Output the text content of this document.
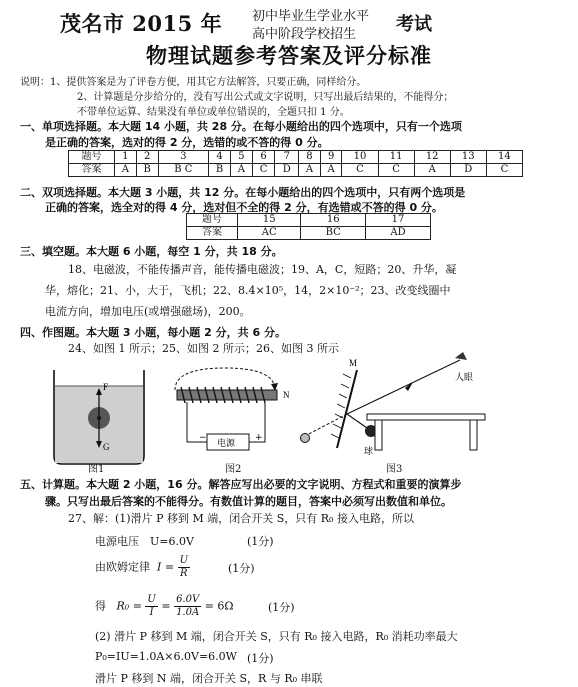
茂名市 2015 年 初中毕业生学业水平
高中阶段学校招生 考试
物理试题参考答案及评分标准
说明：1、提供答案是为了评卷方便，用其它方法解答，只要正确，同样给分。
2、计算题是分步给分的，没有写出公式或文字说明，只写出最后结果的，不能得分；
不带单位运算、结果没有单位或单位错误的，全题只扣 1 分。
一、单项选择题。本大题 14 小题，共 28 分。在每小题给出的四个选项中，只有一个选项
是正确的答案，选对的得 2 分，选错的或不答的得 0 分。
题号	1	2	3	4	5	6	7	8	9	10	11	12	13	14
答案	A	B	B C	B	A	C	D	A	A	C	C	A	D	C
二、双项选择题。本大题 3 小题，共 12 分。在每小题给出的四个选项中，只有两个选项是
正确的答案，选全对的得 4 分，选对但不全的得 2 分，有选错或不答的得 0 分。
题号	15	16	17
答案	AC	BC	AD
三、填空题。本大题 6 小题，每空 1 分，共 18 分。
18、电磁波，不能传播声音，能传播电磁波；19、A，C，短路；20、升华，凝
华，熔化；21、小，大于，飞机；22、8.4×10⁵，14，2×10⁻²；23、改变线圈中
电流方向，增加电压(或增强磁场)，200。
四、作图题。本大题 3 小题，每小题 2 分，共 6 分。
24、如图 1 所示；25、如图 2 所示；26、如图 3 所示
F
G
图1
电源
−	+
N
图2
M
球
人眼
图3
五、计算题。本大题 2 小题，16 分。解答应写出必要的文字说明、方程式和重要的演算步
骤。只写出最后答案的不能得分。有数值计算的题目，答案中必须写出数值和单位。
27、解：(1)滑片 P 移到 M 端，闭合开关 S，只有 R₀ 接入电路，所以
电源电压　U=6.0V	(1分)
由欧姆定律 $I = \frac{U}{R}$	(1分)
得 $R_0 = \frac{U}{I} = \frac{6.0V}{1.0A} = 6\Omega$	(1分)
(2) 滑片 P 移到 M 端，闭合开关 S，只有 R₀ 接入电路，R₀ 消耗功率最大
P₀=IU=1.0A×6.0V=6.0W (1分)
滑片 P 移到 N 端，闭合开关 S，R 与 R₀ 串联
